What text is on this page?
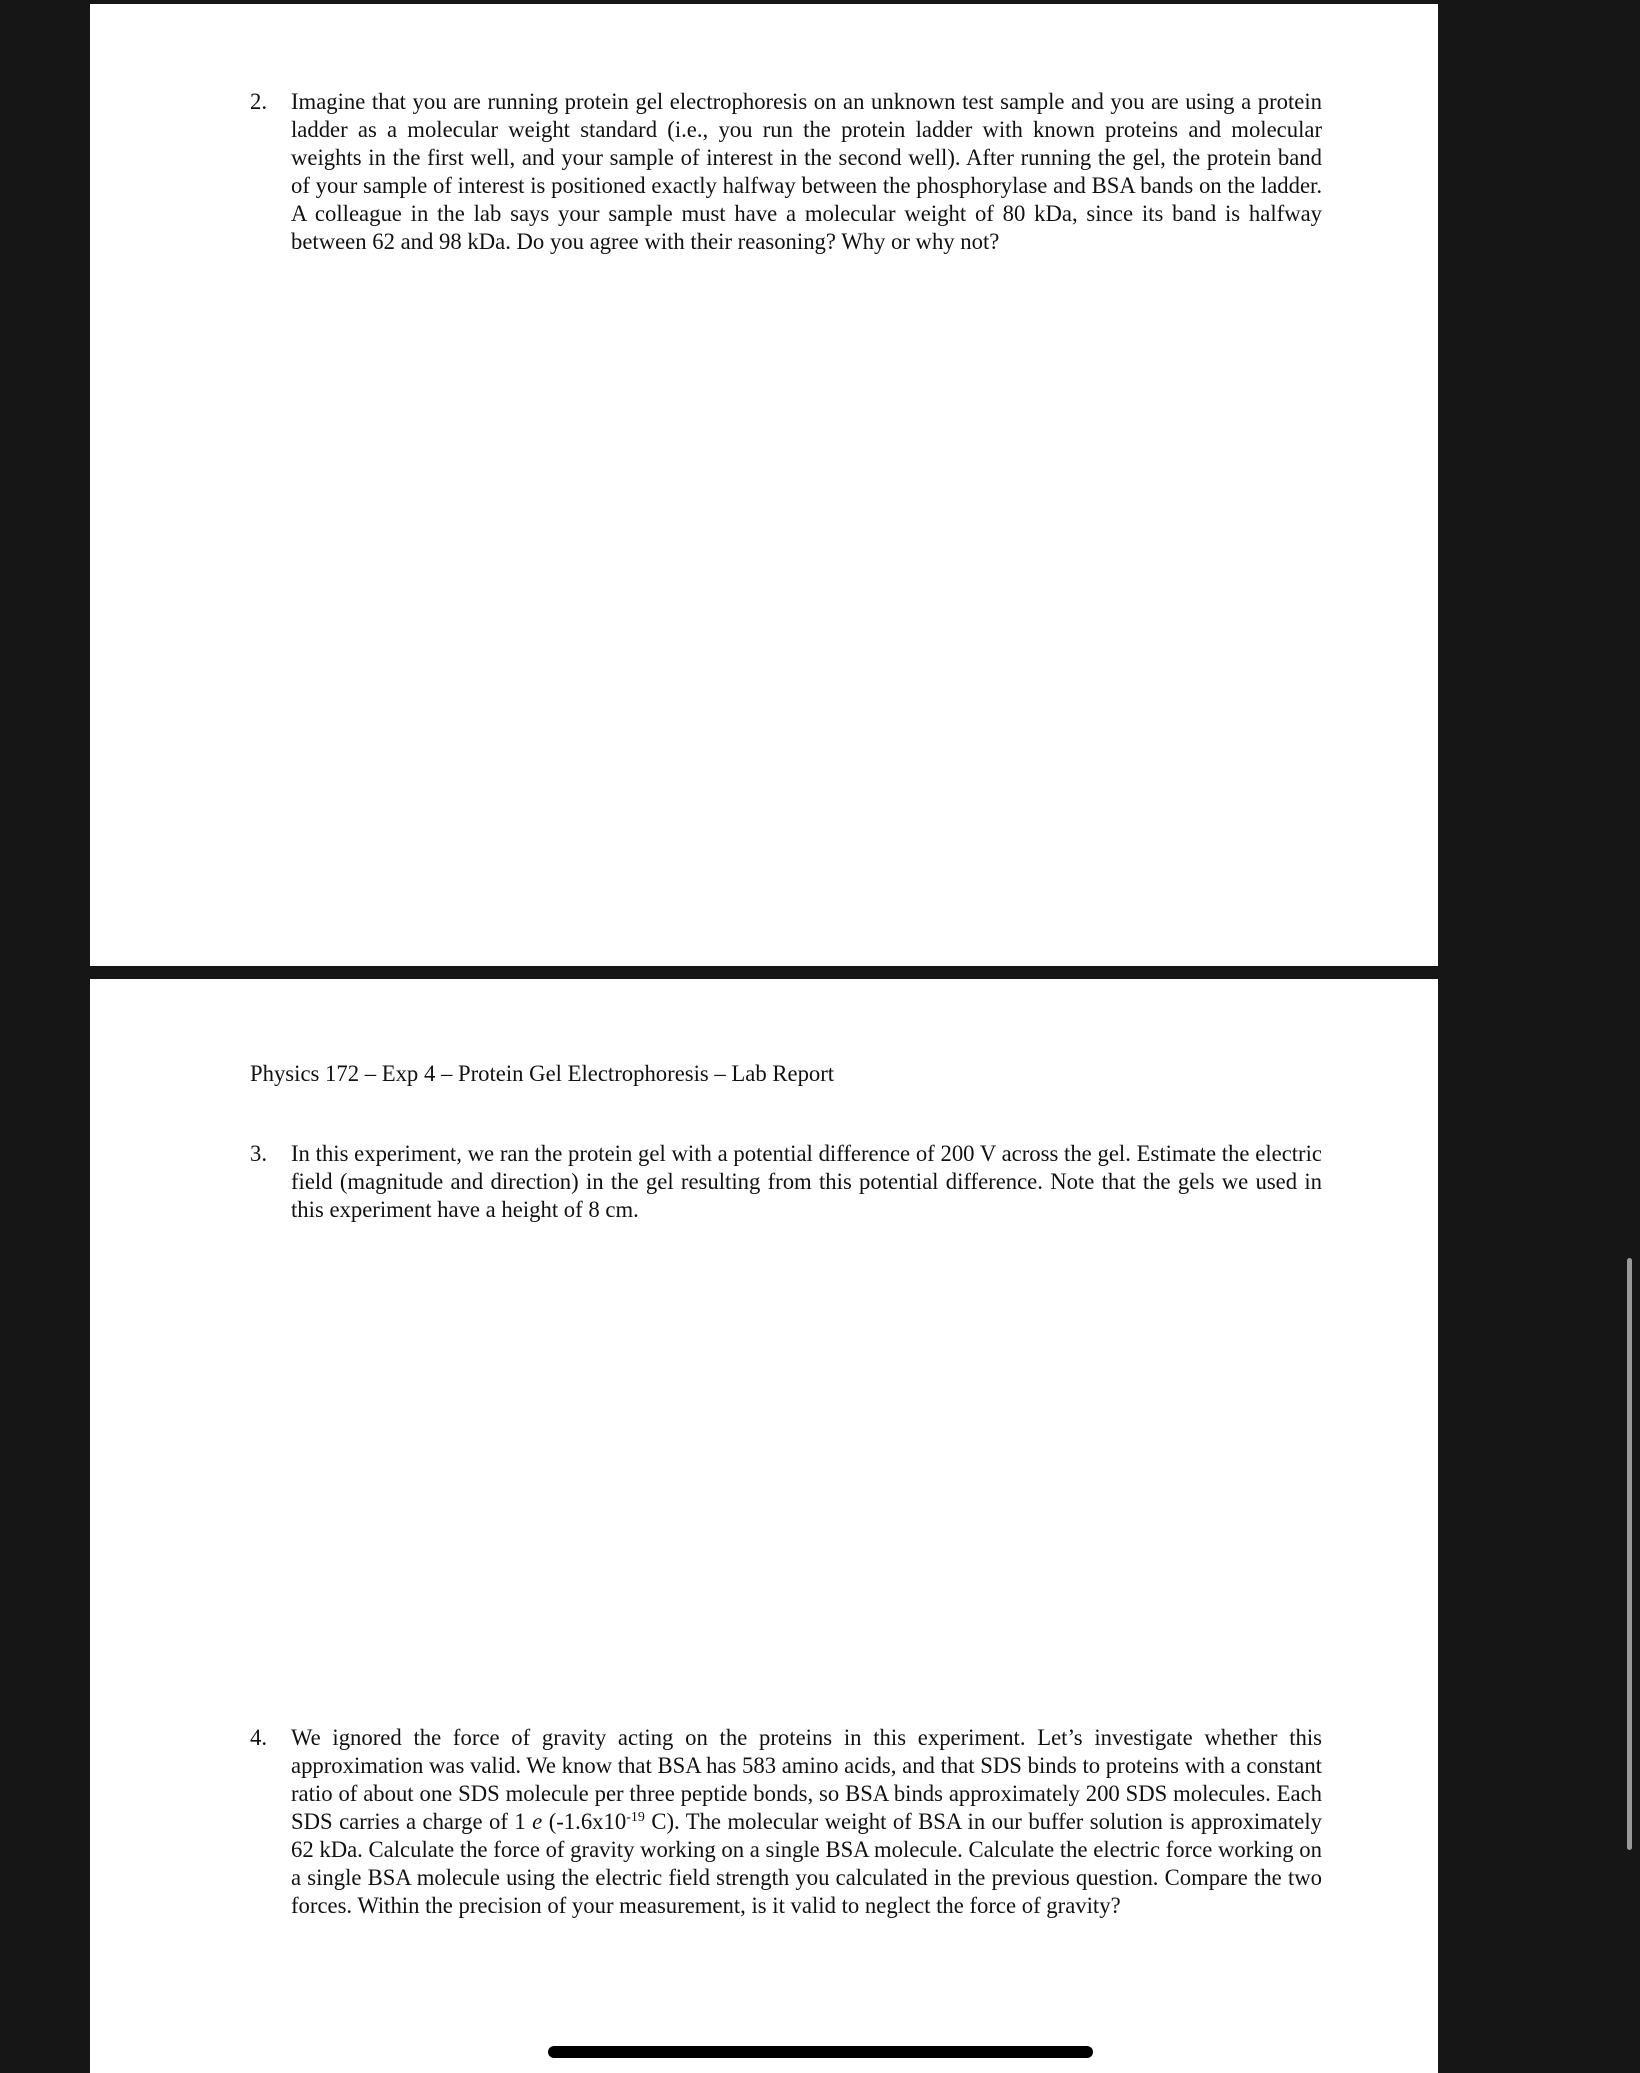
2. Imagine that you are running protein gel electrophoresis on an unknown test sample and you are using a protein ladder as a molecular weight standard (i.e., you run the protein ladder with known proteins and molecular weights in the first well, and your sample of interest in the second well). After running the gel, the protein band of your sample of interest is positioned exactly halfway between the phosphorylase and BSA bands on the ladder. A colleague in the lab says your sample must have a molecular weight of 80 kDa, since its band is halfway between 62 and 98 kDa. Do you agree with their reasoning? Why or why not?
Physics 172 – Exp 4 – Protein Gel Electrophoresis – Lab Report
3. In this experiment, we ran the protein gel with a potential difference of 200 V across the gel. Estimate the electric field (magnitude and direction) in the gel resulting from this potential difference. Note that the gels we used in this experiment have a height of 8 cm.
4. We ignored the force of gravity acting on the proteins in this experiment. Let’s investigate whether this approximation was valid. We know that BSA has 583 amino acids, and that SDS binds to proteins with a constant ratio of about one SDS molecule per three peptide bonds, so BSA binds approximately 200 SDS molecules. Each SDS carries a charge of 1 e ($-1.6x10^{-19}$ C). The molecular weight of BSA in our buffer solution is approximately 62 kDa. Calculate the force of gravity working on a single BSA molecule. Calculate the electric force working on a single BSA molecule using the electric field strength you calculated in the previous question. Compare the two forces. Within the precision of your measurement, is it valid to neglect the force of gravity?
